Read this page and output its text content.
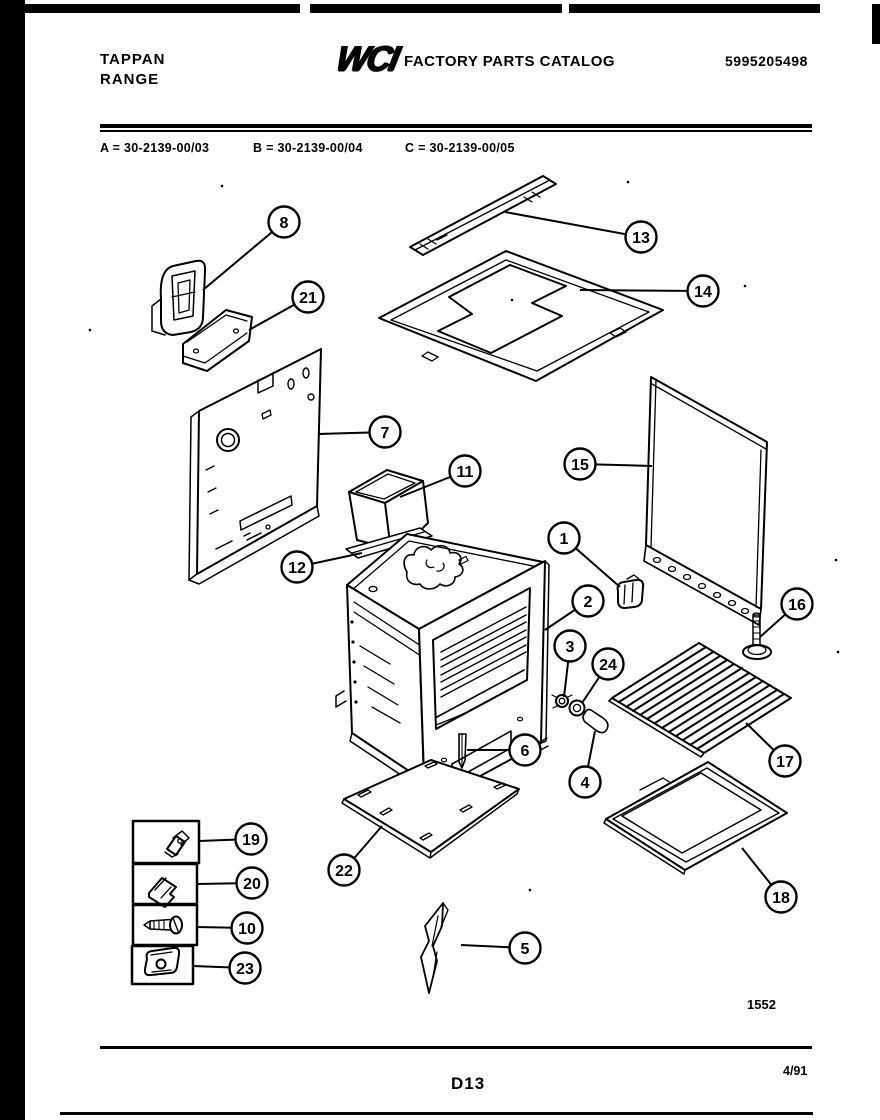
TAPPAN
RANGE
WCI FACTORY PARTS CATALOG	5995205498
A = 30-2139-00/03	B = 30-2139-00/04	C = 30-2139-00/05
1
2
3
4
5
6
7
8
10
11
12
13
14
15
16
17
18
19
20
21
22
23
24
1552
4/91
D13
